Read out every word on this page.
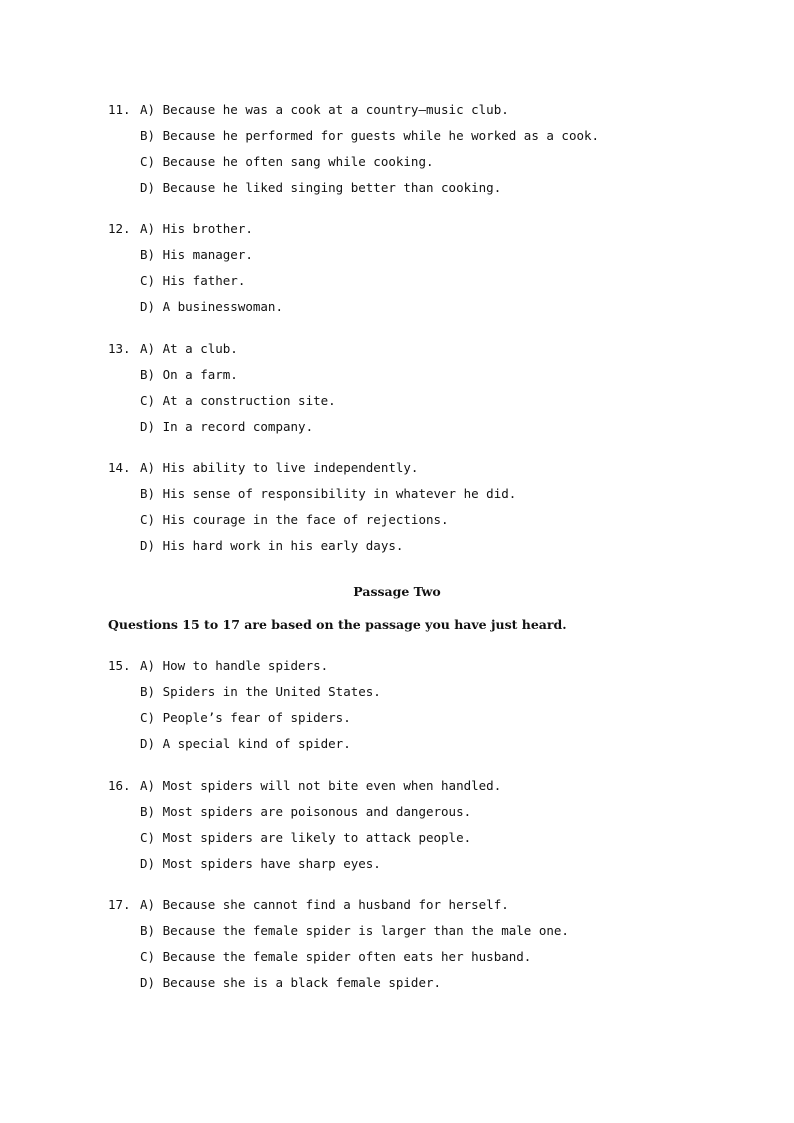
11. A) Because he was a cook at a country—music club.
B) Because he performed for guests while he worked as a cook.
C) Because he often sang while cooking.
D) Because he liked singing better than cooking.
12. A) His brother.
B) His manager.
C) His father.
D) A businesswoman.
13. A) At a club.
B) On a farm.
C) At a construction site.
D) In a record company.
14. A) His ability to live independently.
B) His sense of responsibility in whatever he did.
C) His courage in the face of rejections.
D) His hard work in his early days.
Passage Two
Questions 15 to 17 are based on the passage you have just heard.
15. A) How to handle spiders.
B) Spiders in the United States.
C) People’s fear of spiders.
D) A special kind of spider.
16. A) Most spiders will not bite even when handled.
B) Most spiders are poisonous and dangerous.
C) Most spiders are likely to attack people.
D) Most spiders have sharp eyes.
17. A) Because she cannot find a husband for herself.
B) Because the female spider is larger than the male one.
C) Because the female spider often eats her husband.
D) Because she is a black female spider.
